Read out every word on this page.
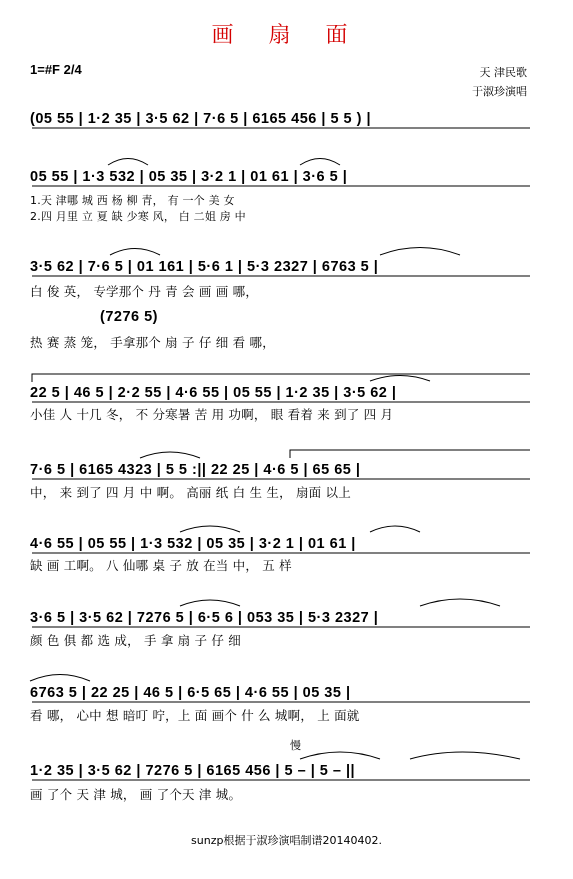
画 扇 面
1=#F 2/4	天 津民歌
于淑珍演唱
(05 55 | 1·2 35 | 3·5 62 | 7·6 5 | 6165 456 | 5 5 ) |
05 55 | 1·3 532 | 05 35 | 3·2 1 | 01 61 | 3·6 5 |
1.天 津哪 城 西 杨 柳 青， 有 一个 美 女
2.四 月里 立 夏 缺 少寒 风， 白 二姐 房 中
3·5 62 | 7·6 5 | 01 161 | 5·6 1 | 5·3 2327 | 6763 5 |
白 俊 英， 专学那个 丹 青 会 画 画 哪，
(7276 5)
热 赛 蒸 笼， 手拿那个 扇 子 仔 细 看 哪，
22 5 | 46 5 | 2·2 55 | 4·6 55 | 05 55 | 1·2 35 | 3·5 62 |
小佳 人 十几 冬， 不 分寒暑 苦 用 功啊， 眼 看着 来 到了 四 月
7·6 5 | 6165 4323 | 5 5 :|| 22 25 | 4·6 5 | 65 65 |
中， 来 到了 四 月 中 啊。 高丽 纸 白 生 生， 扇面 以上
4·6 55 | 05 55 | 1·3 532 | 05 35 | 3·2 1 | 01 61 |
缺 画 工啊。 八 仙哪 桌 子 放 在当 中， 五 样
3·6 5 | 3·5 62 | 7276 5 | 6·5 6 | 053 35 | 5·3 2327 |
颜 色 俱 都 选 成， 手 拿 扇 子 仔 细
6763 5 | 22 25 | 46 5 | 6·5 65 | 4·6 55 | 05 35 |
看 哪， 心中 想 暗叮 咛，上 面 画个 什 么 城啊， 上 面就
慢
1·2 35 | 3·5 62 | 7276 5 | 6165 456 | 5 – | 5 – ||
画 了个 天 津 城， 画 了个天 津 城。
sunzp根据于淑珍演唱制谱20140402.
